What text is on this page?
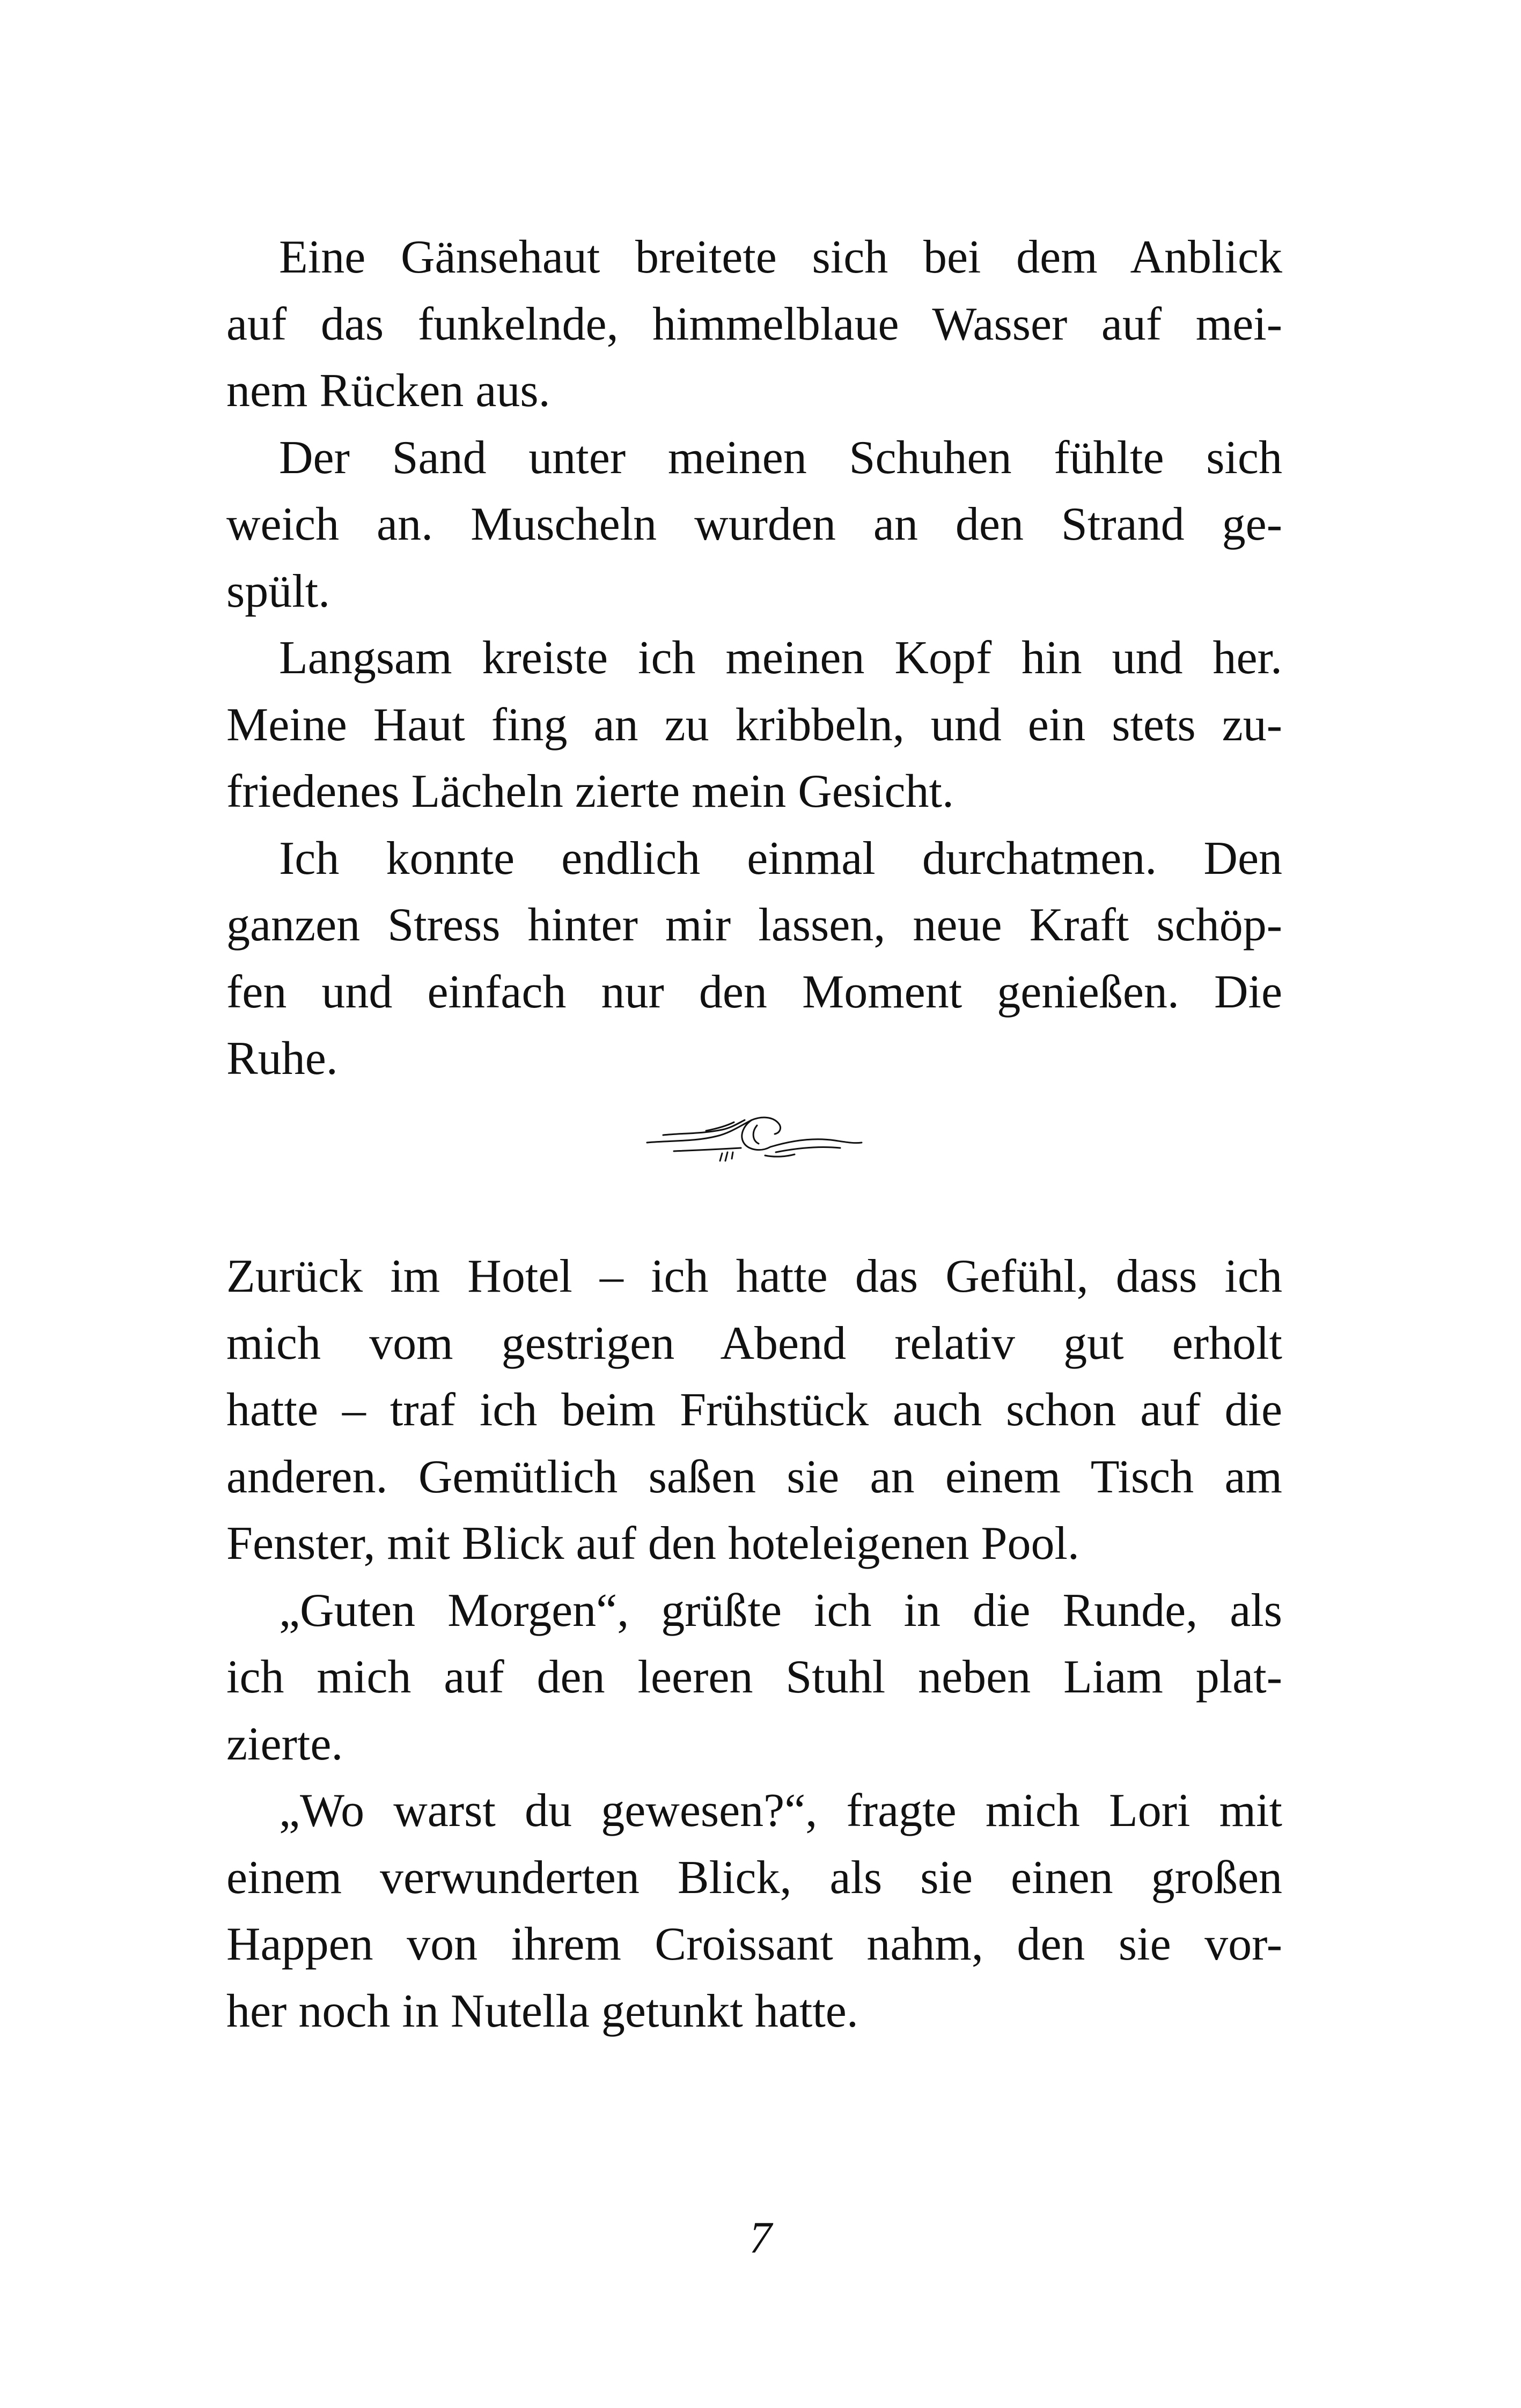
Eine Gänsehaut breitete sich bei dem Anblick
auf das funkelnde, himmelblaue Wasser auf mei-
nem Rücken aus.

Der Sand unter meinen Schuhen fühlte sich
weich an. Muscheln wurden an den Strand ge-
spült.

Langsam kreiste ich meinen Kopf hin und her.
Meine Haut fing an zu kribbeln, und ein stets zu-
friedenes Lächeln zierte mein Gesicht.

Ich konnte endlich einmal durchatmen. Den
ganzen Stress hinter mir lassen, neue Kraft schöp-
fen und einfach nur den Moment genießen. Die
Ruhe.

Zurück im Hotel – ich hatte das Gefühl, dass ich
mich vom gestrigen Abend relativ gut erholt
hatte – traf ich beim Frühstück auch schon auf die
anderen. Gemütlich saßen sie an einem Tisch am
Fenster, mit Blick auf den hoteleigenen Pool.

„Guten Morgen“, grüßte ich in die Runde, als
ich mich auf den leeren Stuhl neben Liam plat-
zierte.

„Wo warst du gewesen?“, fragte mich Lori mit
einem verwunderten Blick, als sie einen großen
Happen von ihrem Croissant nahm, den sie vor-
her noch in Nutella getunkt hatte.

7
